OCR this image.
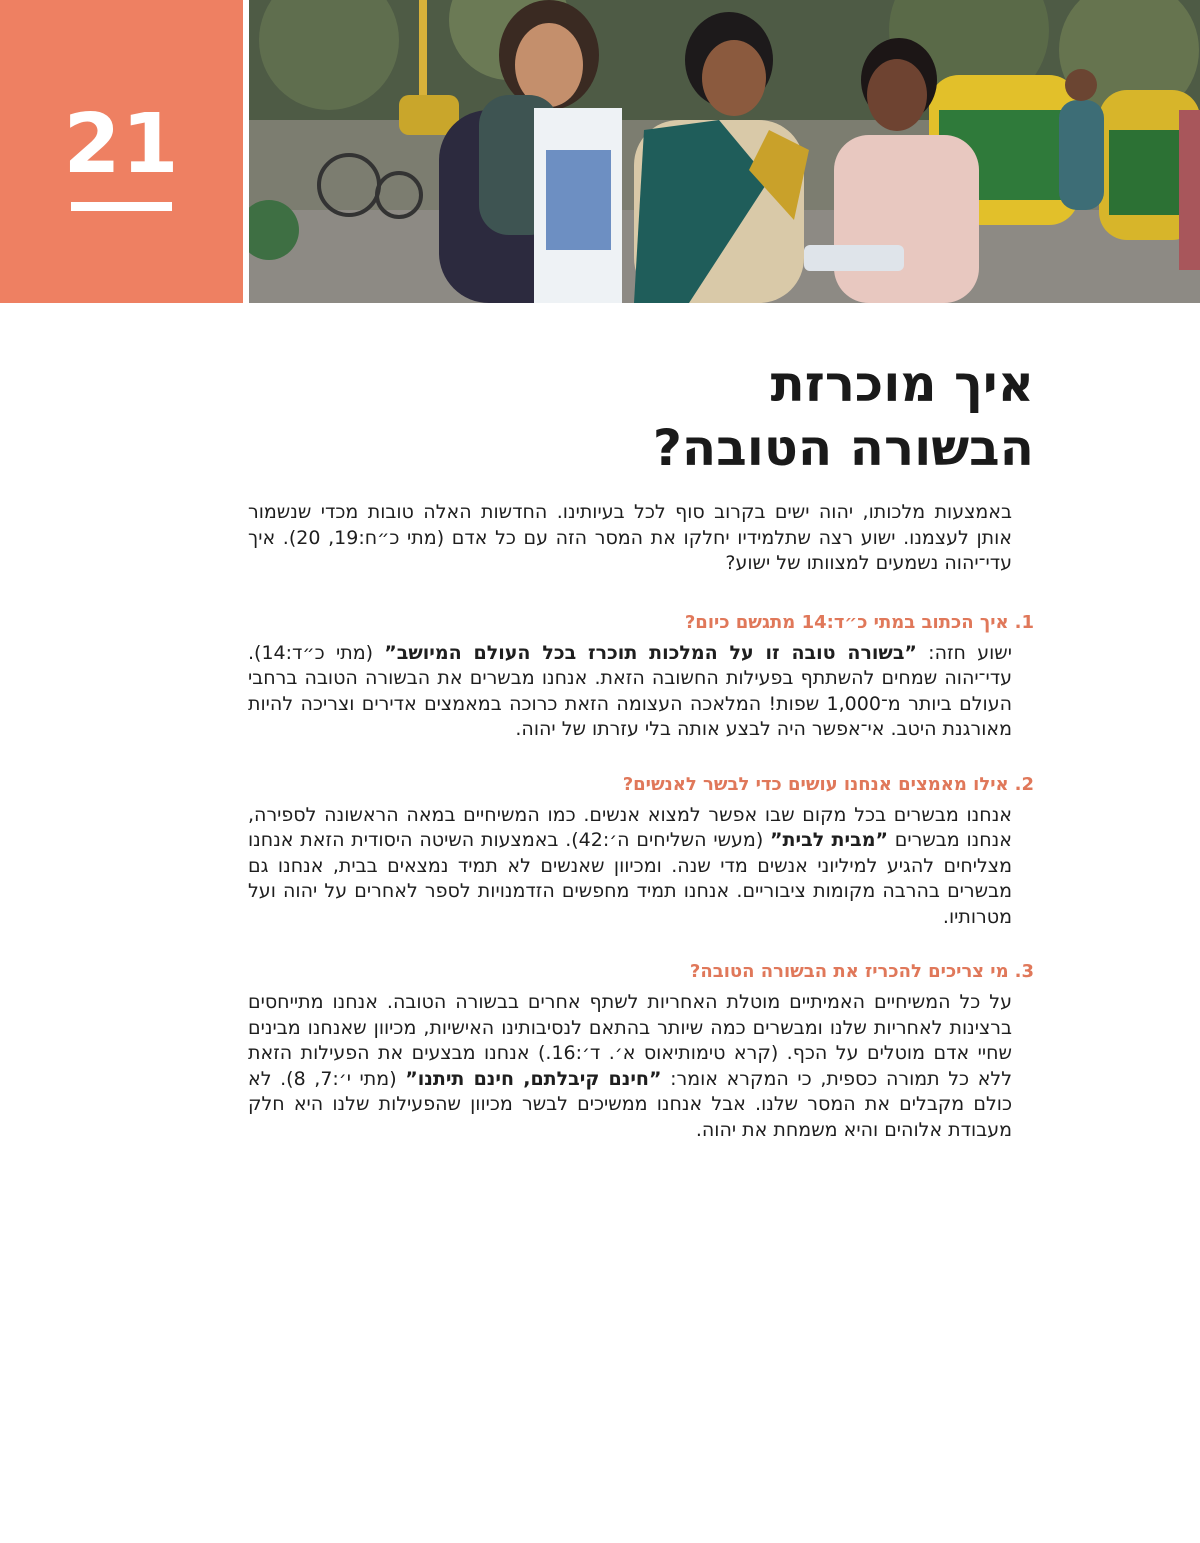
21
איך מוכרזת
הבשורה הטובה?

באמצעות מלכותו, יהוה ישים בקרוב סוף לכל בעיותינו. החדשות האלה טובות מכדי שנשמור אותן לעצמנו. ישוע רצה שתלמידיו יחלקו את המסר הזה עם כל אדם (מתי כ״ח:19, 20). איך עדי־יהוה נשמעים למצוותו של ישוע?

1.איך הכתוב במתי כ״ד:14 מתגשם כיום?

ישוע חזה: ”בשורה טובה זו על המלכות תוכרז בכל העולם המיושב” (מתי כ״ד:14). עדי־יהוה שמחים להשתתף בפעילות החשובה הזאת. אנחנו מבשרים את הבשורה הטובה ברחבי העולם ביותר מ־1,000 שפות! המלאכה העצומה הזאת כרוכה במאמצים אדירים וצריכה להיות מאורגנת היטב. אי־אפשר היה לבצע אותה בלי עזרתו של יהוה.

2.אילו מאמצים אנחנו עושים כדי לבשר לאנשים?

אנחנו מבשרים בכל מקום שבו אפשר למצוא אנשים. כמו המשיחיים במאה הראשונה לספירה, אנחנו מבשרים ”מבית לבית” (מעשי השליחים ה׳:42). באמצעות השיטה היסודית הזאת אנחנו מצליחים להגיע למיליוני אנשים מדי שנה. ומכיוון שאנשים לא תמיד נמצאים בבית, אנחנו גם מבשרים בהרבה מקומות ציבוריים. אנחנו תמיד מחפשים הזדמנויות לספר לאחרים על יהוה ועל מטרותיו.

3.מי צריכים להכריז את הבשורה הטובה?

על כל המשיחיים האמיתיים מוטלת האחריות לשתף אחרים בבשורה הטובה. אנחנו מתייחסים ברצינות לאחריות שלנו ומבשרים כמה שיותר בהתאם לנסיבותינו האישיות, מכיוון שאנחנו מבינים שחיי אדם מוטלים על הכף. (קרא טימותיאוס א׳. ד׳:16.) אנחנו מבצעים את הפעילות הזאת ללא כל תמורה כספית, כי המקרא אומר: ”חינם קיבלתם, חינם תיתנו” (מתי י׳:7, 8). לא כולם מקבלים את המסר שלנו. אבל אנחנו ממשיכים לבשר מכיוון שהפעילות שלנו היא חלק מעבודת אלוהים והיא משמחת את יהוה.
